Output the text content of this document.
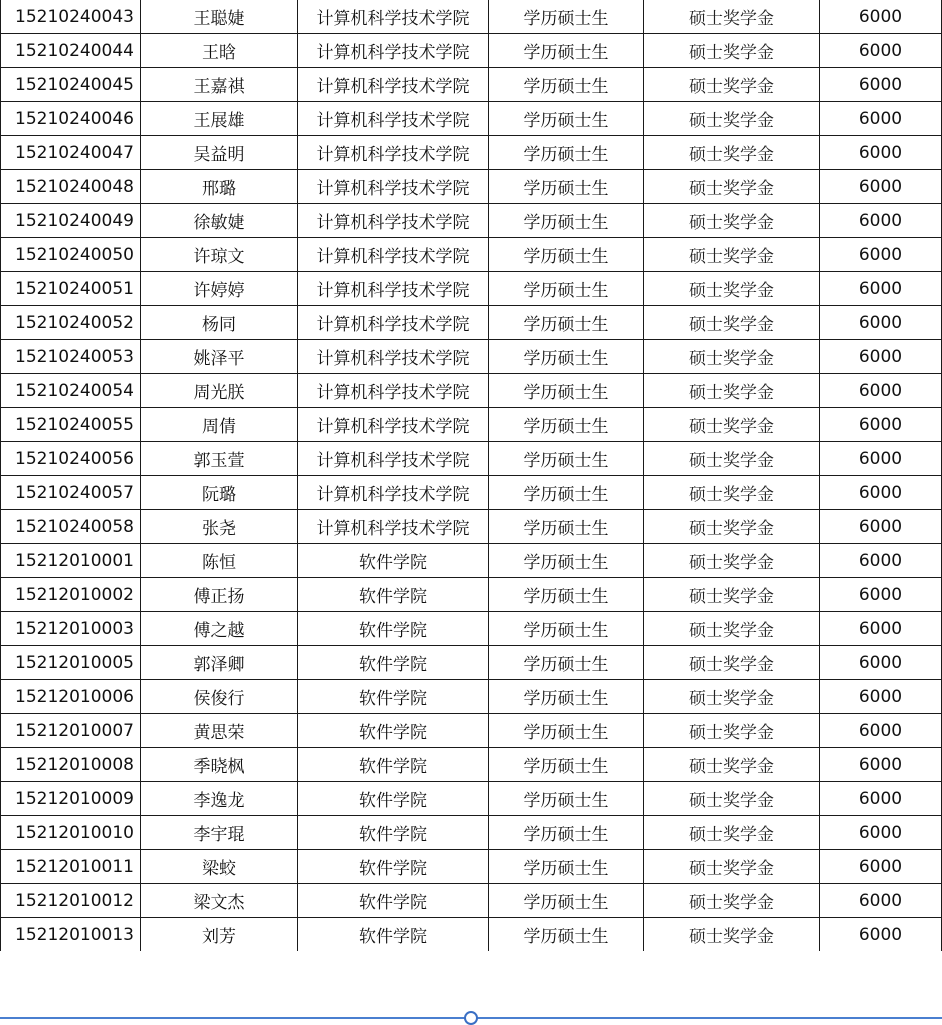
15210240043	王聪婕	计算机科学技术学院	学历硕士生	硕士奖学金	6000
15210240044	王晗	计算机科学技术学院	学历硕士生	硕士奖学金	6000
15210240045	王嘉祺	计算机科学技术学院	学历硕士生	硕士奖学金	6000
15210240046	王展雄	计算机科学技术学院	学历硕士生	硕士奖学金	6000
15210240047	吴益明	计算机科学技术学院	学历硕士生	硕士奖学金	6000
15210240048	邢璐	计算机科学技术学院	学历硕士生	硕士奖学金	6000
15210240049	徐敏婕	计算机科学技术学院	学历硕士生	硕士奖学金	6000
15210240050	许琼文	计算机科学技术学院	学历硕士生	硕士奖学金	6000
15210240051	许婷婷	计算机科学技术学院	学历硕士生	硕士奖学金	6000
15210240052	杨同	计算机科学技术学院	学历硕士生	硕士奖学金	6000
15210240053	姚泽平	计算机科学技术学院	学历硕士生	硕士奖学金	6000
15210240054	周光朕	计算机科学技术学院	学历硕士生	硕士奖学金	6000
15210240055	周倩	计算机科学技术学院	学历硕士生	硕士奖学金	6000
15210240056	郭玉萱	计算机科学技术学院	学历硕士生	硕士奖学金	6000
15210240057	阮璐	计算机科学技术学院	学历硕士生	硕士奖学金	6000
15210240058	张尧	计算机科学技术学院	学历硕士生	硕士奖学金	6000
15212010001	陈恒	软件学院	学历硕士生	硕士奖学金	6000
15212010002	傅正扬	软件学院	学历硕士生	硕士奖学金	6000
15212010003	傅之越	软件学院	学历硕士生	硕士奖学金	6000
15212010005	郭泽卿	软件学院	学历硕士生	硕士奖学金	6000
15212010006	侯俊行	软件学院	学历硕士生	硕士奖学金	6000
15212010007	黄思荣	软件学院	学历硕士生	硕士奖学金	6000
15212010008	季晓枫	软件学院	学历硕士生	硕士奖学金	6000
15212010009	李逸龙	软件学院	学历硕士生	硕士奖学金	6000
15212010010	李宇琨	软件学院	学历硕士生	硕士奖学金	6000
15212010011	梁蛟	软件学院	学历硕士生	硕士奖学金	6000
15212010012	梁文杰	软件学院	学历硕士生	硕士奖学金	6000
15212010013	刘芳	软件学院	学历硕士生	硕士奖学金	6000
